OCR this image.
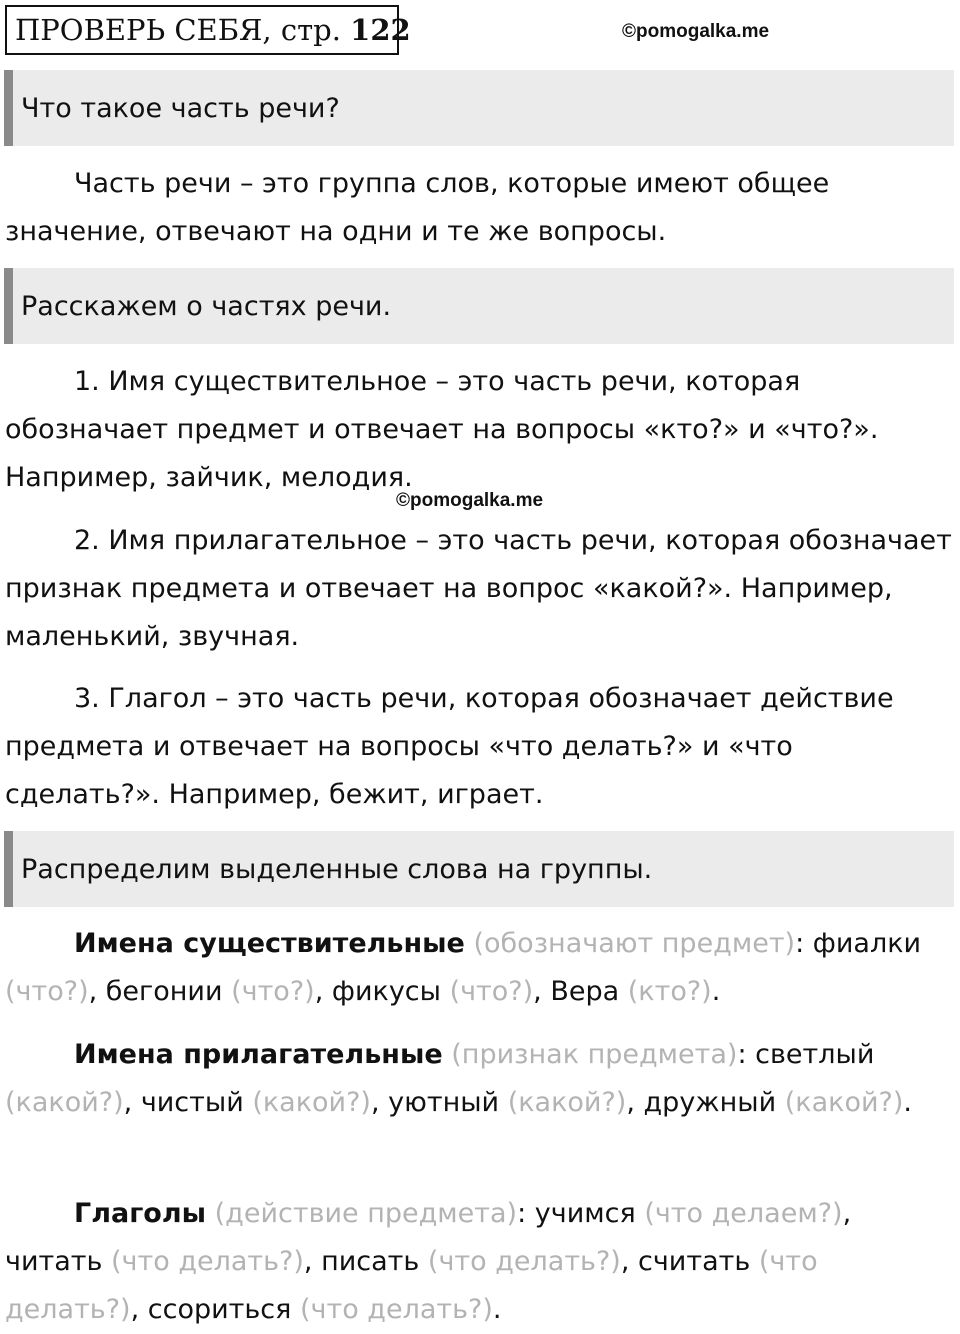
ПРОВЕРЬ СЕБЯ, стр.
122	©pomogalka.me
Что такое часть речи?

Часть речи – это группа слов, которые имеют общее значение, отвечают на одни и те же вопросы.

Расскажем о частях речи.

1. Имя существительное – это часть речи, которая обозначает предмет и отвечает на вопросы «кто?» и «что?». Например, зайчик, мелодия.

©pomogalka.me

2. Имя прилагательное – это часть речи, которая обозначает признак предмета и отвечает на вопрос «какой?». Например, маленький, звучная.

3. Глагол – это часть речи, которая обозначает действие предмета и отвечает на вопросы «что делать?» и «что сделать?». Например, бежит, играет.

Распределим выделенные слова на группы.

Имена существительные (обозначают предмет): фиалки (что?), бегонии (что?), фикусы (что?), Вера (кто?).

Имена прилагательные (признак предмета): светлый (какой?), чистый (какой?), уютный (какой?), дружный (какой?).

Глаголы (действие предмета): учимся (что делаем?), читать (что делать?), писать (что делать?), считать (что делать?), ссориться (что делать?).
